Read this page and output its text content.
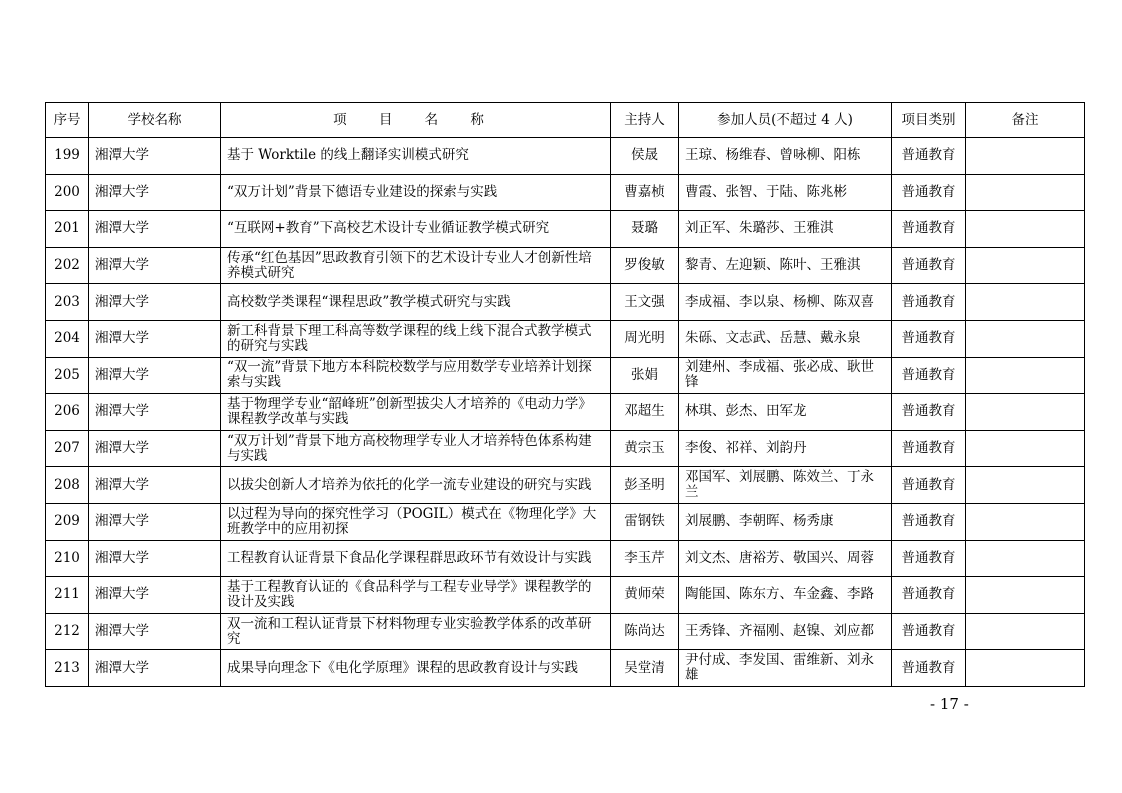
序号	学校名称	项 目 名 称	主持人	参加人员(不超过 4 人)	项目类别	备注
199	湘潭大学	基于 Worktile 的线上翻译实训模式研究	侯晟	王琼、杨维春、曾咏柳、阳栋	普通教育	
200	湘潭大学	“双万计划”背景下德语专业建设的探索与实践	曹嘉桢	曹霞、张智、于陆、陈兆彬	普通教育	
201	湘潭大学	“互联网+教育”下高校艺术设计专业循证教学模式研究	聂璐	刘正军、朱璐莎、王雅淇	普通教育	
202	湘潭大学	传承“红色基因”思政教育引领下的艺术设计专业人才创新性培养模式研究	罗俊敏	黎青、左迎颖、陈叶、王雅淇	普通教育	
203	湘潭大学	高校数学类课程“课程思政”教学模式研究与实践	王文强	李成福、李以泉、杨柳、陈双喜	普通教育	
204	湘潭大学	新工科背景下理工科高等数学课程的线上线下混合式教学模式的研究与实践	周光明	朱砾、文志武、岳慧、戴永泉	普通教育	
205	湘潭大学	“双一流”背景下地方本科院校数学与应用数学专业培养计划探索与实践	张娟	刘建州、李成福、张必成、耿世锋	普通教育	
206	湘潭大学	基于物理学专业“韶峰班”创新型拔尖人才培养的《电动力学》课程教学改革与实践	邓超生	林琪、彭杰、田军龙	普通教育	
207	湘潭大学	“双万计划”背景下地方高校物理学专业人才培养特色体系构建与实践	黄宗玉	李俊、祁祥、刘韵丹	普通教育	
208	湘潭大学	以拔尖创新人才培养为依托的化学一流专业建设的研究与实践	彭圣明	邓国军、刘展鹏、陈效兰、丁永兰	普通教育	
209	湘潭大学	以过程为导向的探究性学习（POGIL）模式在《物理化学》大班教学中的应用初探	雷钢铁	刘展鹏、李朝晖、杨秀康	普通教育	
210	湘潭大学	工程教育认证背景下食品化学课程群思政环节有效设计与实践	李玉芹	刘文杰、唐裕芳、敬国兴、周蓉	普通教育	
211	湘潭大学	基于工程教育认证的《食品科学与工程专业导学》课程教学的设计及实践	黄师荣	陶能国、陈东方、车金鑫、李路	普通教育	
212	湘潭大学	双一流和工程认证背景下材料物理专业实验教学体系的改革研究	陈尚达	王秀锋、齐福刚、赵镍、刘应都	普通教育	
213	湘潭大学	成果导向理念下《电化学原理》课程的思政教育设计与实践	吴堂清	尹付成、李发国、雷维新、刘永雄	普通教育	
- 17 -
